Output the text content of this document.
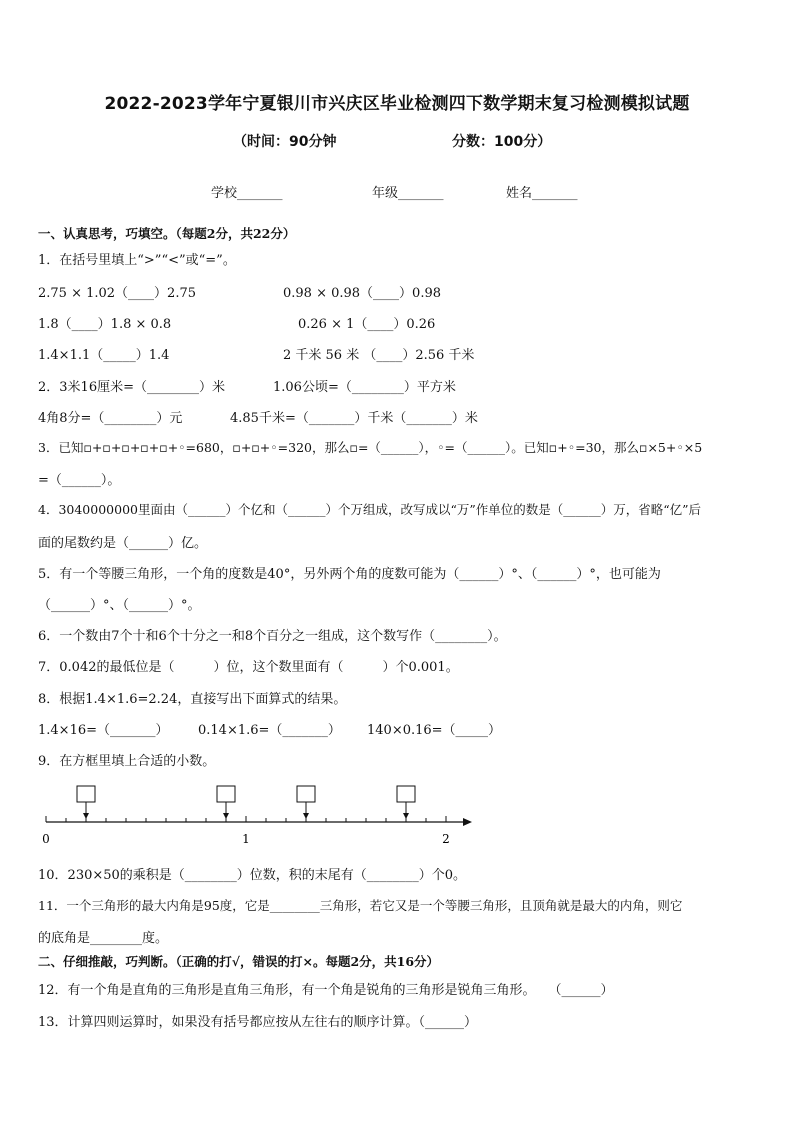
2022-2023学年宁夏银川市兴庆区毕业检测四下数学期末复习检测模拟试题
（时间：90分钟	分数：100分）
学校_______	年级_______	姓名_______
一、认真思考，巧填空。（每题2分，共22分）
1．在括号里填上“>”“<”或“=”。
2.75 × 1.02（____）2.75	0.98 × 0.98（____）0.98
1.8（____）1.8 × 0.8	0.26 × 1（____）0.26
1.4×1.1（_____）1.4	2 千米 56 米 （____）2.56 千米
2．3米16厘米=（________）米	1.06公顷=（________）平方米
4角8分=（________）元	4.85千米=（_______）千米（_______）米
3．已知▫+▫+▫+▫+▫+◦=680，▫+▫+◦=320，那么▫=（______），◦=（______）。已知▫+◦=30，那么▫×5+◦×5
=（______）。
4．3040000000里面由（______）个亿和（______）个万组成，改写成以“万”作单位的数是（______）万，省略“亿”后
面的尾数约是（______）亿。
5．有一个等腰三角形，一个角的度数是40°，另外两个角的度数可能为（______）°、（______）°，也可能为
（______）°、（______）°。
6．一个数由7个十和6个十分之一和8个百分之一组成，这个数写作（________）。
7．0.042的最低位是（　　　）位，这个数里面有（　　　）个0.001。
8．根据1.4×1.6=2.24，直接写出下面算式的结果。
1.4×16=（_______） 0.14×1.6=（_______） 140×0.16=（_____）
9．在方框里填上合适的小数。
0	1	2
10．230×50的乘积是（________）位数，积的末尾有（________）个0。
11．一个三角形的最大内角是95度，它是________三角形，若它又是一个等腰三角形，且顶角就是最大的内角，则它
的底角是________度。
二、仔细推敲，巧判断。（正确的打√，错误的打×。每题2分，共16分）
12．有一个角是直角的三角形是直角三角形，有一个角是锐角的三角形是锐角三角形。　　（______）
13．计算四则运算时，如果没有括号都应按从左往右的顺序计算。（______）
